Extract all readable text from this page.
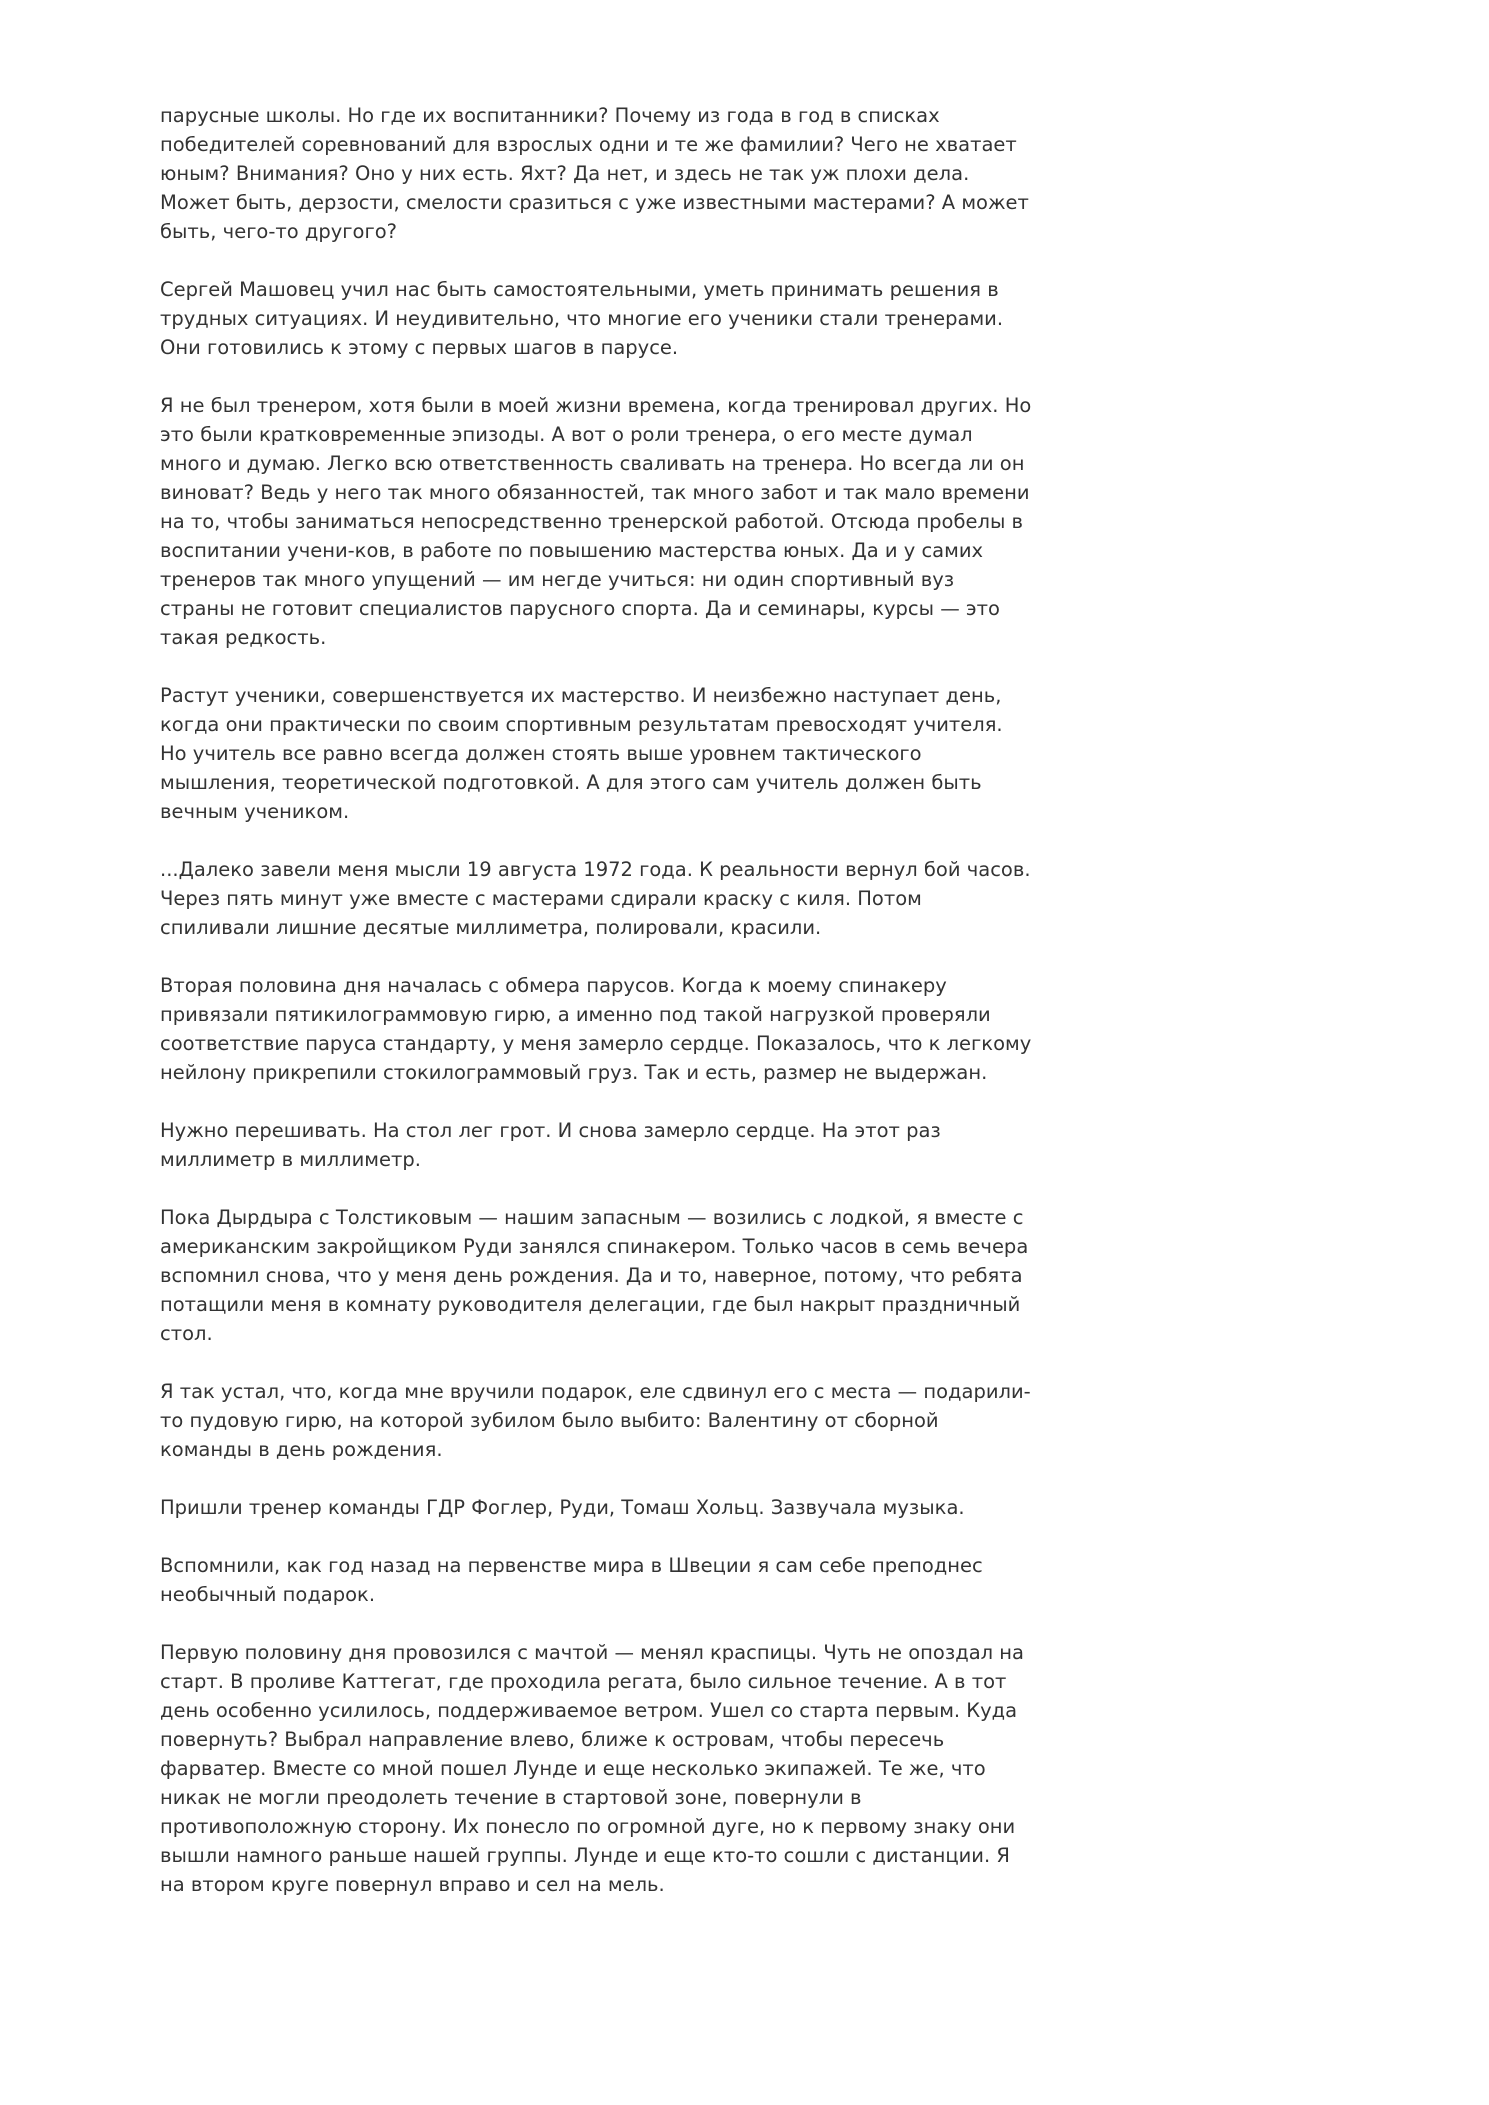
парусные школы. Но где их воспитанники? Почему из года в год в списках победителей соревнований для взрослых одни и те же фамилии? Чего не хватает юным? Внимания? Оно у них есть. Яхт? Да нет, и здесь не так уж плохи дела. Может быть, дерзости, смелости сразиться с уже известными мастерами? А может быть, чего-то другого?

Сергей Машовец учил нас быть самостоятельными, уметь принимать решения в трудных ситуациях. И неудивительно, что многие его ученики стали тренерами. Они готовились к этому с первых шагов в парусе.

Я не был тренером, хотя были в моей жизни времена, когда тренировал других. Но это были кратковременные эпизоды. А вот о роли тренера, о его месте думал много и думаю. Легко всю ответственность сваливать на тренера. Но всегда ли он виноват? Ведь у него так много обязанностей, так много забот и так мало времени на то, чтобы заниматься непосредственно тренерской работой. Отсюда пробелы в воспитании учени-ков, в работе по повышению мастерства юных. Да и у самих тренеров так много упущений — им негде учиться: ни один спортивный вуз страны не готовит специалистов парусного спорта. Да и семинары, курсы — это такая редкость.

Растут ученики, совершенствуется их мастерство. И неизбежно наступает день, когда они практически по своим спортивным результатам превосходят учителя. Но учитель все равно всегда должен стоять выше уровнем тактического мышления, теоретической подготовкой. А для этого сам учитель должен быть вечным учеником.

...Далеко завели меня мысли 19 августа 1972 года. К реальности вернул бой часов. Через пять минут уже вместе с мастерами сдирали краску с киля. Потом спиливали лишние десятые миллиметра, полировали, красили.

Вторая половина дня началась с обмера парусов. Когда к моему спинакеру привязали пятикилограммовую гирю, а именно под такой нагрузкой проверяли соответствие паруса стандарту, у меня замерло сердце. Показалось, что к легкому нейлону прикрепили стокилограммовый груз. Так и есть, размер не выдержан.

Нужно перешивать. На стол лег грот. И снова замерло сердце. На этот раз миллиметр в миллиметр.

Пока Дырдыра с Толстиковым — нашим запасным — возились с лодкой, я вместе с американским закройщиком Руди занялся спинакером. Только часов в семь вечера вспомнил снова, что у меня день рождения. Да и то, наверное, потому, что ребята потащили меня в комнату руководителя делегации, где был накрыт праздничный стол.

Я так устал, что, когда мне вручили подарок, еле сдвинул его с места — подарили-то пудовую гирю, на которой зубилом было выбито: Валентину от сборной команды в день рождения.

Пришли тренер команды ГДР Фоглер, Руди, Томаш Хольц. Зазвучала музыка.

Вспомнили, как год назад на первенстве мира в Швеции я сам себе преподнес необычный подарок.

Первую половину дня провозился с мачтой — менял краспицы. Чуть не опоздал на старт. В проливе Каттегат, где проходила регата, было сильное течение. А в тот день особенно усилилось, поддерживаемое ветром. Ушел со старта первым. Куда повернуть? Выбрал направление влево, ближе к островам, чтобы пересечь фарватер. Вместе со мной пошел Лунде и еще несколько экипажей. Те же, что никак не могли преодолеть течение в стартовой зоне, повернули в противоположную сторону. Их понесло по огромной дуге, но к первому знаку они вышли намного раньше нашей группы. Лунде и еще кто-то сошли с дистанции. Я на втором круге повернул вправо и сел на мель.
